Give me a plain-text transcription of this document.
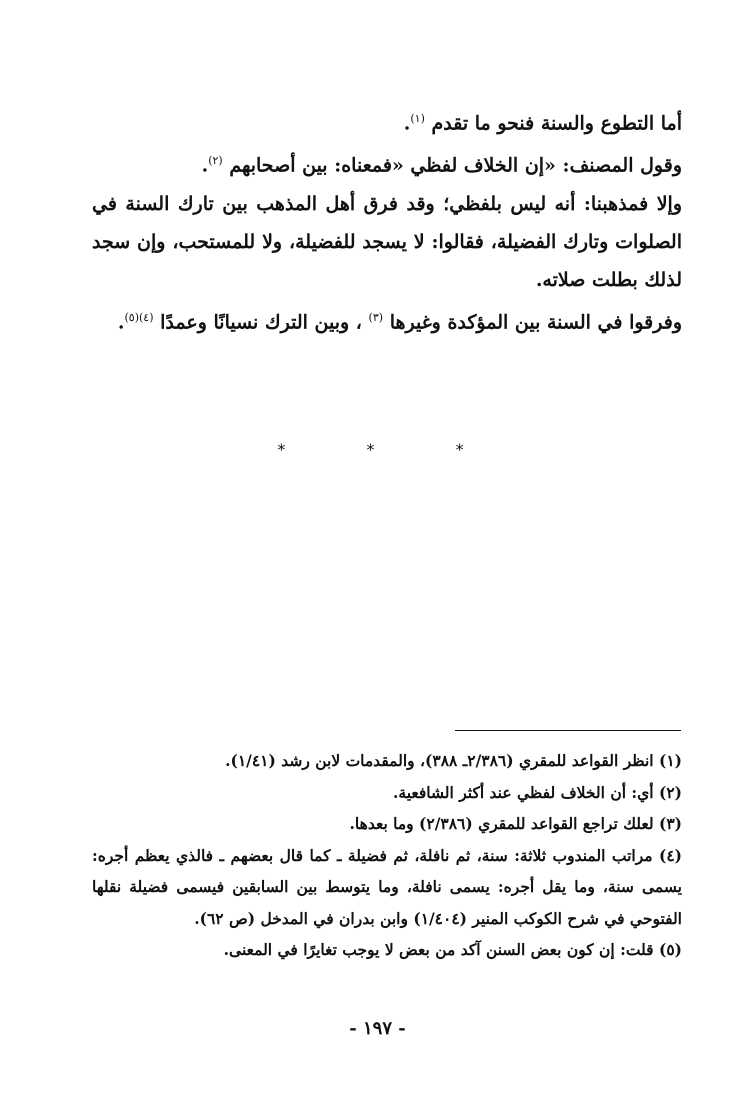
أما التطوع والسنة فنحو ما تقدم $^{(١)}$.

وقول المصنف: «إن الخلاف لفظي «فمعناه: بين أصحابهم $^{(٢)}$.

وإلا فمذهبنا: أنه ليس بلفظي؛ وقد فرق أهل المذهب بين تارك السنة في الصلوات وتارك الفضيلة، فقالوا: لا يسجد للفضيلة، ولا للمستحب، وإن سجد لذلك بطلت صلاته.

وفرقوا في السنة بين المؤكدة وغيرها $^{(٣)}$ ، وبين الترك نسيانًا وعمدًا $^{(٤)(٥)}$.

* * *

(١) انظر القواعد للمقري (٢/٣٨٦ـ ٣٨٨)، والمقدمات لابن رشد (١/٤١).

(٢) أي: أن الخلاف لفظي عند أكثر الشافعية.

(٣) لعلك تراجع القواعد للمقري (٢/٣٨٦) وما بعدها.

(٤) مراتب المندوب ثلاثة: سنة، ثم نافلة، ثم فضيلة ـ كما قال بعضهم ـ فالذي يعظم أجره: يسمى سنة، وما يقل أجره: يسمى نافلة، وما يتوسط بين السابقين فيسمى فضيلة نقلها الفتوحي في شرح الكوكب المنير (١/٤٠٤) وابن بدران في المدخل (ص ٦٢).

(٥) قلت: إن كون بعض السنن آكد من بعض لا يوجب تغايرًا في المعنى.

- ١٩٧ -
